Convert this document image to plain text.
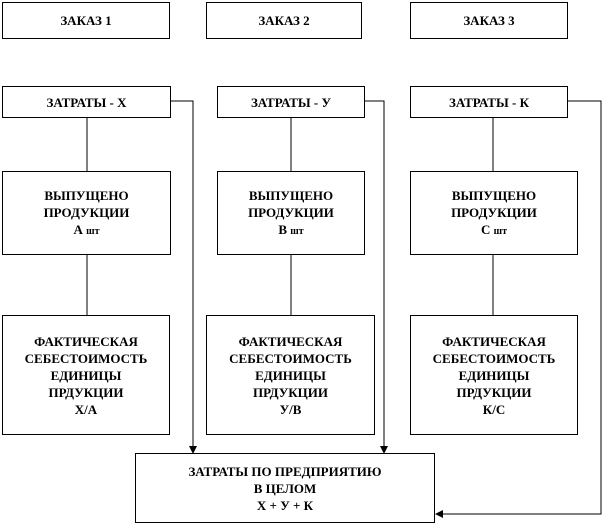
ЗАКАЗ 1
ЗАТРАТЫ - Х
ВЫПУЩЕНО
ПРОДУКЦИИ
А шт
ФАКТИЧЕСКАЯ
СЕБЕСТОИМОСТЬ
ЕДИНИЦЫ
ПРДУКЦИИ
Х/А
ЗАКАЗ 2
ЗАТРАТЫ - У
ВЫПУЩЕНО
ПРОДУКЦИИ
В шт
ФАКТИЧЕСКАЯ
СЕБЕСТОИМОСТЬ
ЕДИНИЦЫ
ПРДУКЦИИ
У/В
ЗАКАЗ 3
ЗАТРАТЫ - К
ВЫПУЩЕНО
ПРОДУКЦИИ
С шт
ФАКТИЧЕСКАЯ
СЕБЕСТОИМОСТЬ
ЕДИНИЦЫ
ПРДУКЦИИ
К/С
ЗАТРАТЫ ПО ПРЕДПРИЯТИЮ
В ЦЕЛОМ
Х + У + К
